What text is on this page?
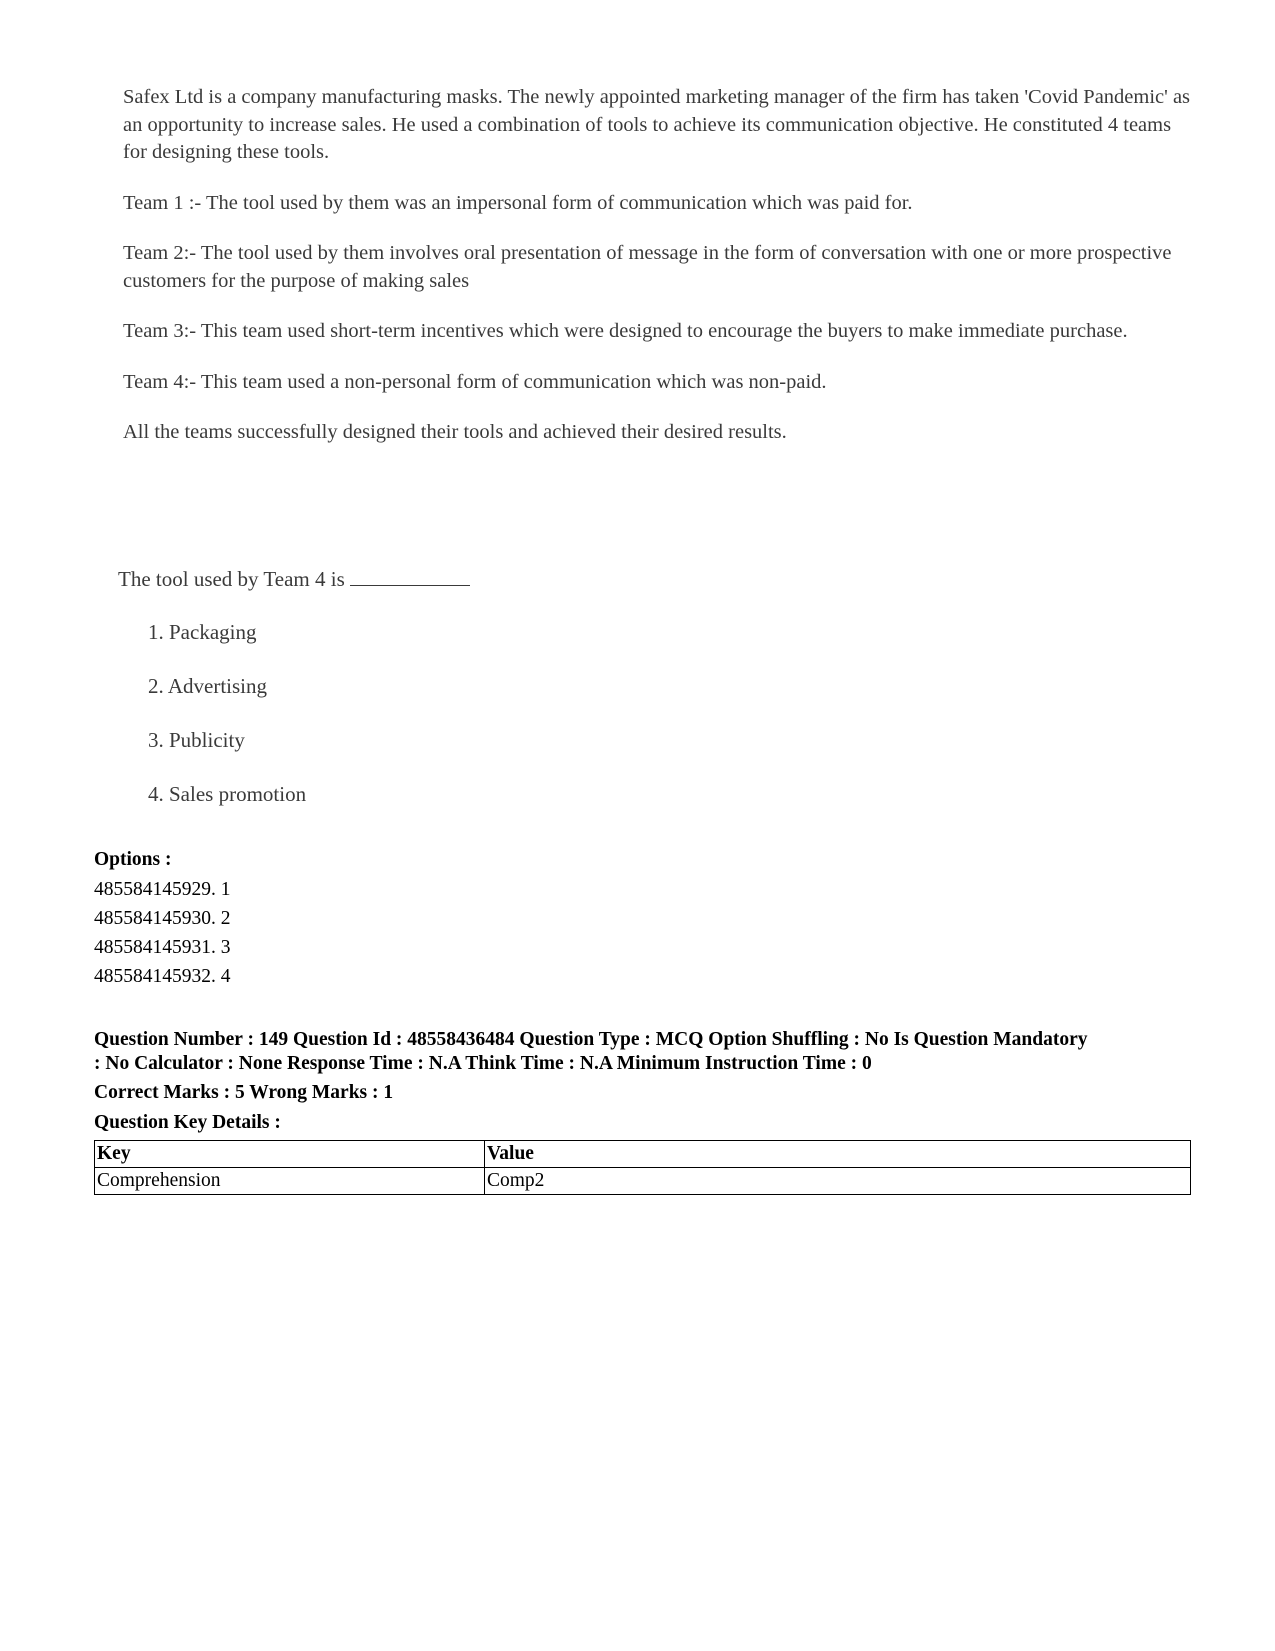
Safex Ltd is a company manufacturing masks. The newly appointed marketing manager of the firm has taken 'Covid Pandemic' as an opportunity to increase sales. He used a combination of tools to achieve its communication objective. He constituted 4 teams for designing these tools.

Team 1 :- The tool used by them was an impersonal form of communication which was paid for.

Team 2:- The tool used by them involves oral presentation of message in the form of conversation with one or more prospective customers for the purpose of making sales

Team 3:- This team used short-term incentives which were designed to encourage the buyers to make immediate purchase.

Team 4:- This team used a non-personal form of communication which was non-paid.

All the teams successfully designed their tools and achieved their desired results.

The tool used by Team 4 is
1. Packaging
2. Advertising
3. Publicity
4. Sales promotion
Options :
485584145929. 1
485584145930. 2
485584145931. 3
485584145932. 4
Question Number : 149 Question Id : 48558436484 Question Type : MCQ Option Shuffling : No Is Question Mandatory
: No Calculator : None Response Time : N.A Think Time : N.A Minimum Instruction Time : 0
Correct Marks : 5 Wrong Marks : 1
Question Key Details :
Key	Value
Comprehension	Comp2
